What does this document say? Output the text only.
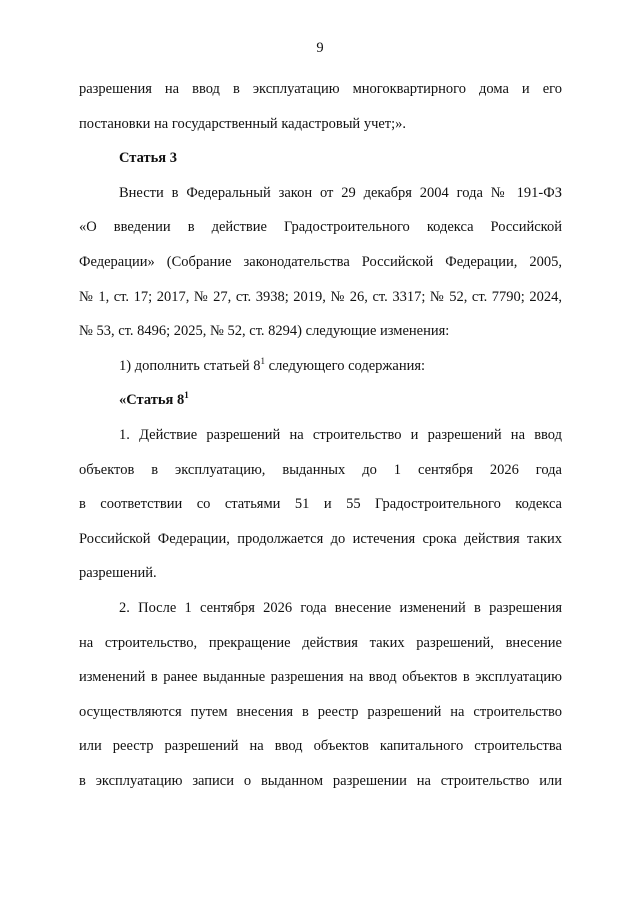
9
разрешения на ввод в эксплуатацию многоквартирного дома и его
постановки на государственный кадастровый учет;».
Статья 3
Внести в Федеральный закон от 29 декабря 2004 года № 191-ФЗ
«О введении в действие Градостроительного кодекса Российской
Федерации» (Собрание законодательства Российской Федерации, 2005,
№ 1, ст. 17; 2017, № 27, ст. 3938; 2019, № 26, ст. 3317; № 52, ст. 7790; 2024,
№ 53, ст. 8496; 2025, № 52, ст. 8294) следующие изменения:
1) дополнить статьей $8^1$ следующего содержания:
«Статья $8^1$
1. Действие разрешений на строительство и разрешений на ввод
объектов в эксплуатацию, выданных до 1 сентября 2026 года
в соответствии со статьями 51 и 55 Градостроительного кодекса
Российской Федерации, продолжается до истечения срока действия таких
разрешений.
2. После 1 сентября 2026 года внесение изменений в разрешения
на строительство, прекращение действия таких разрешений, внесение
изменений в ранее выданные разрешения на ввод объектов в эксплуатацию
осуществляются путем внесения в реестр разрешений на строительство
или реестр разрешений на ввод объектов капитального строительства
в эксплуатацию записи о выданном разрешении на строительство или
